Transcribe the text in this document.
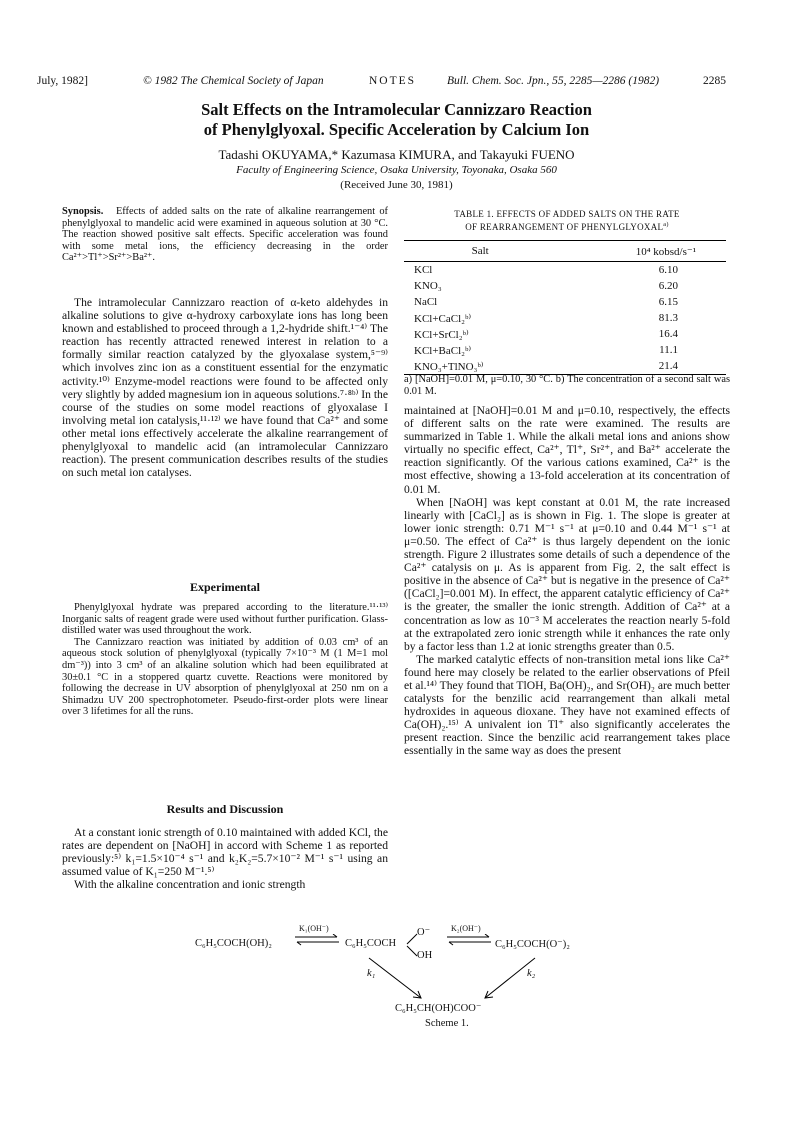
July, 1982]	© 1982 The Chemical Society of Japan	NOTES	Bull. Chem. Soc. Jpn., 55, 2285—2286 (1982)	2285
Salt Effects on the Intramolecular Cannizzaro Reaction
of Phenylglyoxal. Specific Acceleration by Calcium Ion
Tadashi OKUYAMA,* Kazumasa KIMURA, and Takayuki FUENO
Faculty of Engineering Science, Osaka University, Toyonaka, Osaka 560
(Received June 30, 1981)

Synopsis. Effects of added salts on the rate of alkaline rearrangement of phenylglyoxal to mandelic acid were examined in aqueous solution at 30 °C. The reaction showed positive salt effects. Specific acceleration was found with some metal ions, the efficiency decreasing in the order Ca²⁺>Tl⁺>Sr²⁺>Ba²⁺.

The intramolecular Cannizzaro reaction of α-keto aldehydes in alkaline solutions to give α-hydroxy carboxylate ions has long been known and established to proceed through a 1,2-hydride shift.¹⁻⁴⁾ The reaction has recently attracted renewed interest in relation to a formally similar reaction catalyzed by the glyoxalase system,⁵⁻⁹⁾ which involves zinc ion as a constituent essential for the enzymatic activity.¹⁰⁾ Enzyme-model reactions were found to be affected only very slightly by added magnesium ion in aqueous solutions.⁷·⁸ᵇ⁾ In the course of the studies on some model reactions of glyoxalase I involving metal ion catalysis,¹¹·¹²⁾ we have found that Ca²⁺ and some other metal ions effectively accelerate the alkaline rearrangement of phenylglyoxal to mandelic acid (an intramolecular Cannizzaro reaction). The present communication describes results of the studies on such metal ion catalyses.

Experimental

Phenylglyoxal hydrate was prepared according to the literature.¹¹·¹³⁾ Inorganic salts of reagent grade were used without further purification. Glass-distilled water was used throughout the work.

The Cannizzaro reaction was initiated by addition of 0.03 cm³ of an aqueous stock solution of phenylglyoxal (typically 7×10⁻³ M (1 M=1 mol dm⁻³)) into 3 cm³ of an alkaline solution which had been equilibrated at 30±0.1 °C in a stoppered quartz cuvette. Reactions were monitored by following the decrease in UV absorption of phenylglyoxal at 250 nm on a Shimadzu UV 200 spectrophotometer. Pseudo-first-order plots were linear over 3 lifetimes for all the runs.

Results and Discussion

At a constant ionic strength of 0.10 maintained with added KCl, the rates are dependent on [NaOH] in accord with Scheme 1 as reported previously:⁵⁾ k₁=1.5×10⁻⁴ s⁻¹ and k₂K₂=5.7×10⁻² M⁻¹ s⁻¹ using an assumed value of K₁=250 M⁻¹.⁵⁾

With the alkaline concentration and ionic strength

TABLE 1. EFFECTS OF ADDED SALTS ON THE RATE
OF REARRANGEMENT OF PHENYLGLYOXAL$^{a)}$
Salt	10⁴ kobsd/s⁻¹
KCl	6.10
KNO₃	6.20
NaCl	6.15
KCl+CaCl₂ᵇ⁾	81.3
KCl+SrCl₂ᵇ⁾	16.4
KCl+BaCl₂ᵇ⁾	11.1
KNO₃+TlNO₃ᵇ⁾	21.4
a) [NaOH]=0.01 M, μ=0.10, 30 °C. b) The concentration of a second salt was 0.01 M.

maintained at [NaOH]=0.01 M and μ=0.10, respectively, the effects of different salts on the rate were examined. The results are summarized in Table 1. While the alkali metal ions and anions show virtually no specific effect, Ca²⁺, Tl⁺, Sr²⁺, and Ba²⁺ accelerate the reaction significantly. Of the various cations examined, Ca²⁺ is the most effective, showing a 13-fold acceleration at its concentration of 0.01 M.

When [NaOH] was kept constant at 0.01 M, the rate increased linearly with [CaCl₂] as is shown in Fig. 1. The slope is greater at lower ionic strength: 0.71 M⁻¹ s⁻¹ at μ=0.10 and 0.44 M⁻¹ s⁻¹ at μ=0.50. The effect of Ca²⁺ is thus largely dependent on the ionic strength. Figure 2 illustrates some details of such a dependence of the Ca²⁺ catalysis on μ. As is apparent from Fig. 2, the salt effect is positive in the absence of Ca²⁺ but is negative in the presence of Ca²⁺ ([CaCl₂]=0.001 M). In effect, the apparent catalytic efficiency of Ca²⁺ is the greater, the smaller the ionic strength. Addition of Ca²⁺ at a concentration as low as 10⁻³ M accelerates the reaction nearly 5-fold at the extrapolated zero ionic strength while it enhances the rate only by a factor less than 1.2 at ionic strengths greater than 0.5.

The marked catalytic effects of non-transition metal ions like Ca²⁺ found here may closely be related to the earlier observations of Pfeil et al.¹⁴⁾ They found that TlOH, Ba(OH)₂, and Sr(OH)₂ are much better catalysts for the benzilic acid rearrangement than alkali metal hydroxides in aqueous dioxane. They have not examined effects of Ca(OH)₂.¹⁵⁾ A univalent ion Tl⁺ also significantly accelerates the present reaction. Since the benzilic acid rearrangement takes place essentially in the same way as does the present

C₆H₅COCH(OH)₂
K₁(OH⁻)
C₆H₅COCH
O⁻
OH
K₂(OH⁻)
C₆H₅COCH(O⁻)₂
k₁	k₂
C₆H₅CH(OH)COO⁻
Scheme 1.
